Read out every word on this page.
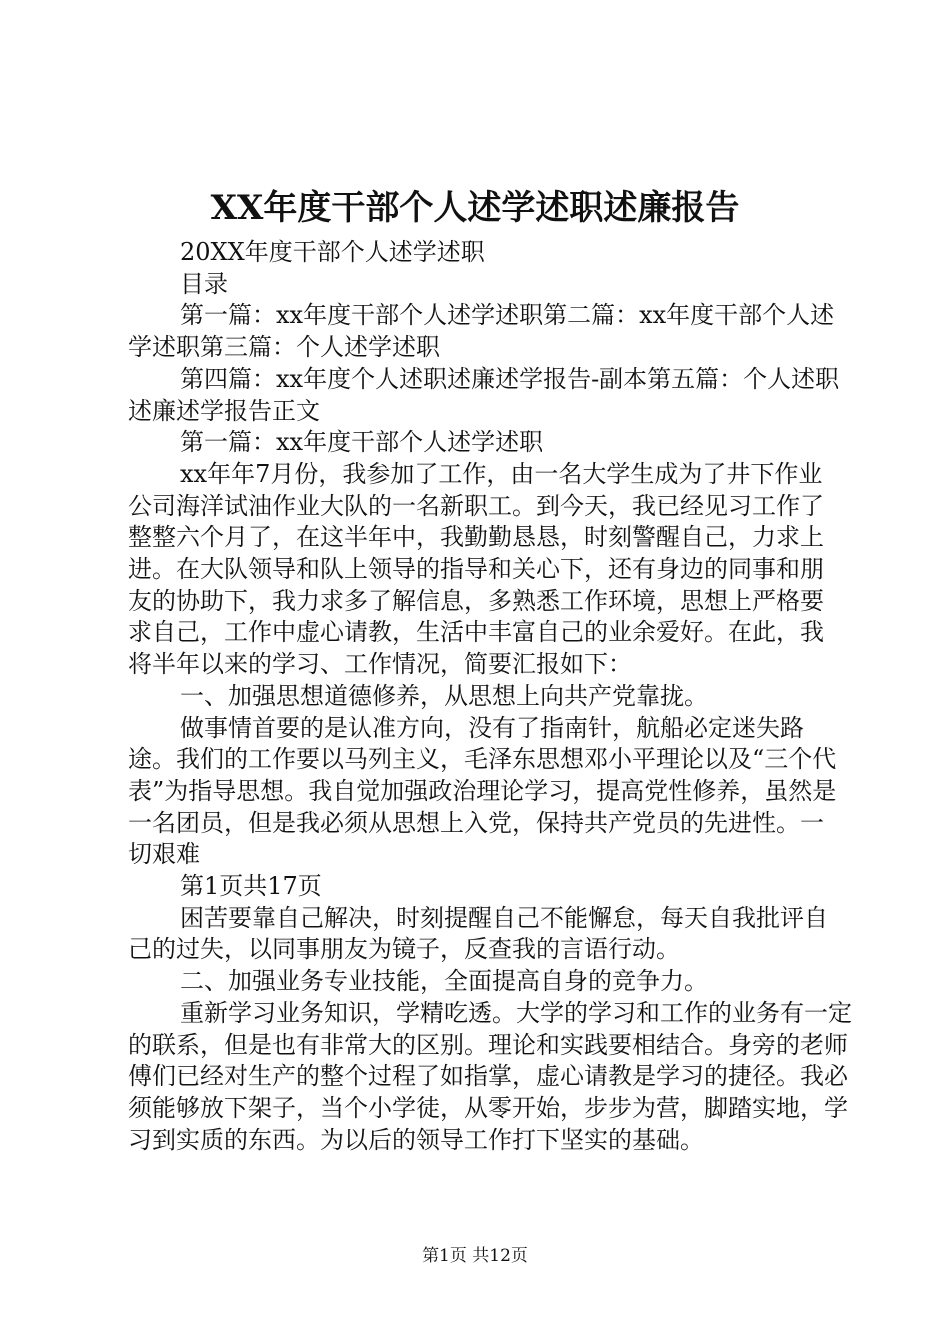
XX年度干部个人述学述职述廉报告

20XX年度干部个人述学述职

目录

第一篇：xx年度干部个人述学述职第二篇：xx年度干部个人述学述职第三篇：个人述学述职

第四篇：xx年度个人述职述廉述学报告-副本第五篇：个人述职述廉述学报告正文

第一篇：xx年度干部个人述学述职

xx年年7月份，我参加了工作，由一名大学生成为了井下作业公司海洋试油作业大队的一名新职工。到今天，我已经见习工作了整整六个月了，在这半年中，我勤勤恳恳，时刻警醒自己，力求上进。在大队领导和队上领导的指导和关心下，还有身边的同事和朋友的协助下，我力求多了解信息，多熟悉工作环境，思想上严格要求自己，工作中虚心请教，生活中丰富自己的业余爱好。在此，我将半年以来的学习、工作情况，简要汇报如下：

一、加强思想道德修养，从思想上向共产党靠拢。

做事情首要的是认准方向，没有了指南针，航船必定迷失路途。我们的工作要以马列主义，毛泽东思想邓小平理论以及“三个代表”为指导思想。我自觉加强政治理论学习，提高党性修养，虽然是一名团员，但是我必须从思想上入党，保持共产党员的先进性。一切艰难

第1页共17页

困苦要靠自己解决，时刻提醒自己不能懈怠，每天自我批评自己的过失，以同事朋友为镜子，反查我的言语行动。

二、加强业务专业技能，全面提高自身的竞争力。

重新学习业务知识，学精吃透。大学的学习和工作的业务有一定的联系，但是也有非常大的区别。理论和实践要相结合。身旁的老师傅们已经对生产的整个过程了如指掌，虚心请教是学习的捷径。我必须能够放下架子，当个小学徒，从零开始，步步为营，脚踏实地，学习到实质的东西。为以后的领导工作打下坚实的基础。

第1页 共12页
